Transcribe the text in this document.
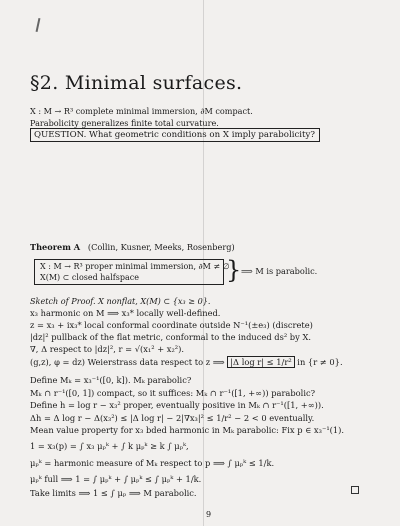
§2. Minimal surfaces.
X : M → R³ complete minimal immersion, ∂M compact.
Parabolicity generalizes finite total curvature.
QUESTION. What geometric conditions on X imply parabolicity?
Theorem A (Collin, Kusner, Meeks, Rosenberg)
X : M → R³ proper minimal immersion, ∂M ≠ ∅
X(M) ⊂ closed halfspace	} ⟹ M is parabolic.
Sketch of Proof. X nonflat, X(M) ⊂ {x₃ ≥ 0}.
x₃ harmonic on M ⟹ x₃* locally well-defined.
z = x₃ + ix₃* local conformal coordinate outside N⁻¹(±e₃) (discrete)
|dz|² pullback of the flat metric, conformal to the induced ds² by X.
∇, Δ respect to |dz|², r = √(x₁² + x₂²).
(g,z), φ = dz) Weierstrass data respect to z ⟹ |Δ log r| ≤ 1/r² in {r ≠ 0}.
Define Mₖ = x₃⁻¹([0, k]). Mₖ parabolic?
Mₖ ∩ r⁻¹([0, 1]) compact, so it suffices: Mₖ ∩ r⁻¹([1, +∞)) parabolic?
Define h = log r − x₃² proper, eventually positive in Mₖ ∩ r⁻¹([1, +∞)).
Δh = Δ log r − Δ(x₃²) ≤ |Δ log r| − 2|∇x₃|² ≤ 1/r² − 2 < 0 eventually.
Mean value property for x₃ bded harmonic in Mₖ parabolic: Fix p ∈ x₃⁻¹(1).
1 = x₃(p) = ∫ x₃ μₚᵏ + ∫ k μₚᵏ ≥ k ∫ μₚᵏ,
μₚᵏ = harmonic measure of Mₖ respect to p ⟹ ∫ μₚᵏ ≤ 1/k.
μₚᵏ full ⟹ 1 = ∫ μₚᵏ + ∫ μₚᵏ ≤ ∫ μₚᵏ + 1/k.
Take limits ⟹ 1 ≤ ∫ μₚ ⟹ M parabolic.
9
